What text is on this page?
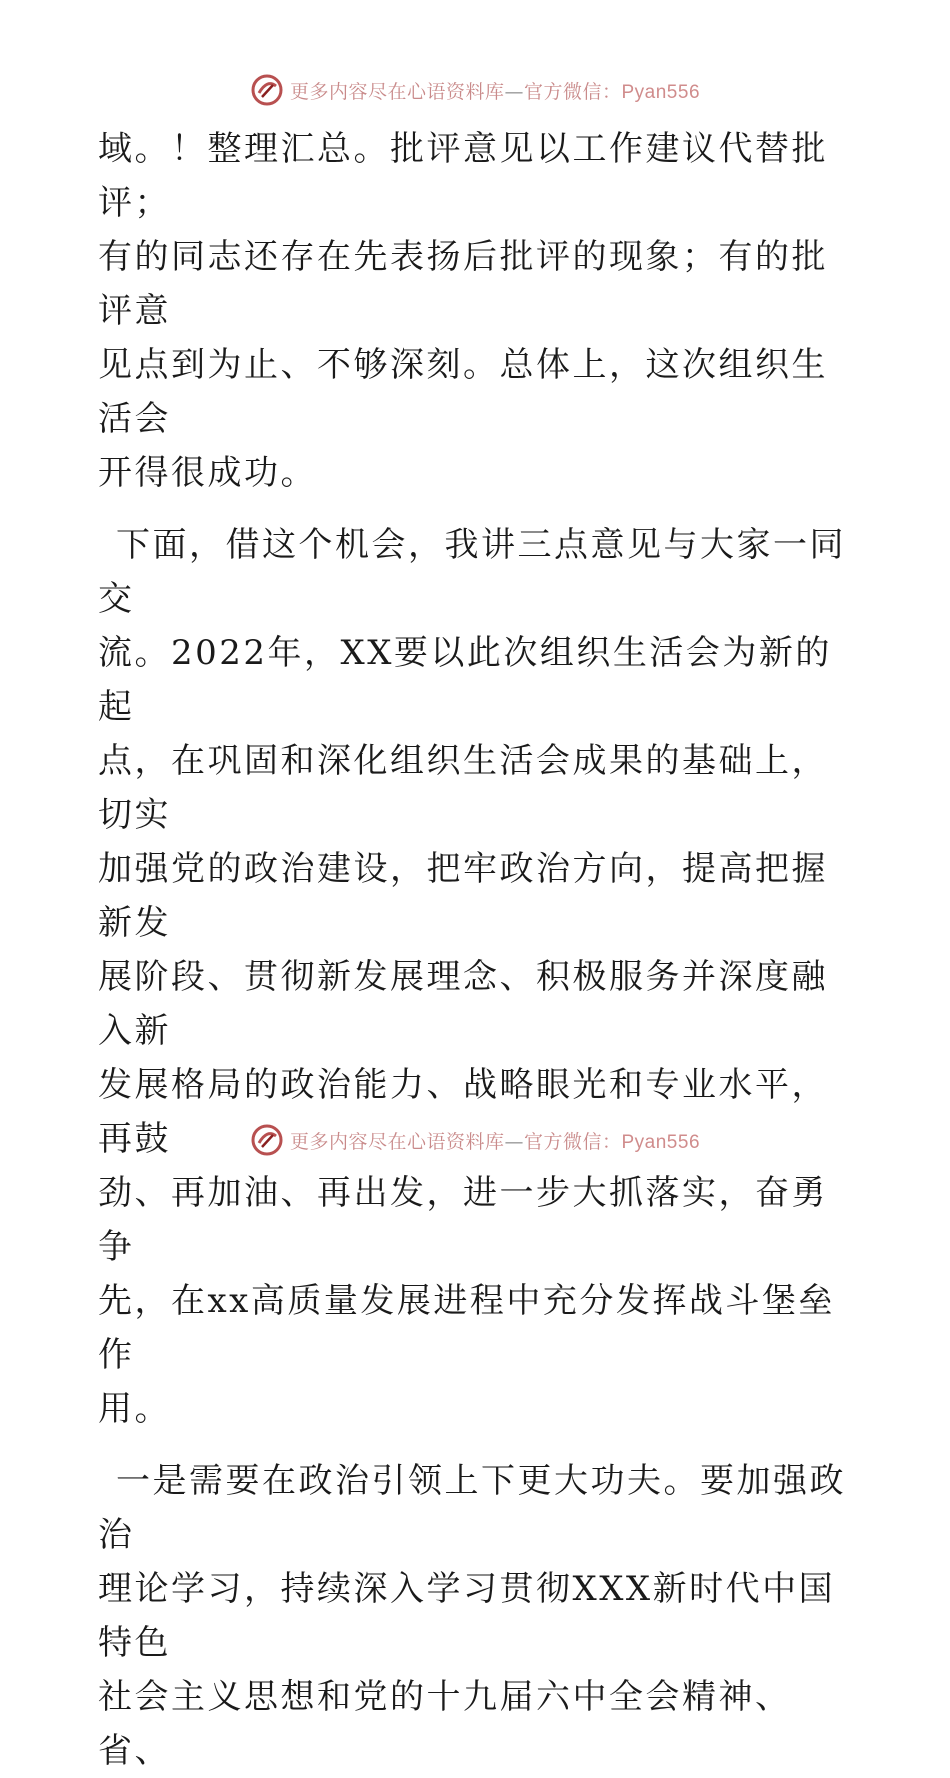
更多内容尽在心语资料库—官方微信：Pyan556

域。！整理汇总。批评意见以工作建议代替批评；
有的同志还存在先表扬后批评的现象；有的批评意
见点到为止、不够深刻。总体上，这次组织生活会
开得很成功。

下面，借这个机会，我讲三点意见与大家一同交
流。2022年，XX要以此次组织生活会为新的起
点，在巩固和深化组织生活会成果的基础上，切实
加强党的政治建设，把牢政治方向，提高把握新发
展阶段、贯彻新发展理念、积极服务并深度融入新
发展格局的政治能力、战略眼光和专业水平，再鼓
劲、再加油、再出发，进一步大抓落实，奋勇争
先，在xx高质量发展进程中充分发挥战斗堡垒作
用。

一是需要在政治引领上下更大功夫。要加强政治
理论学习，持续深入学习贯彻XXX新时代中国特色
社会主义思想和党的十九届六中全会精神、省、

更多内容尽在心语资料库—官方微信：Pyan556
